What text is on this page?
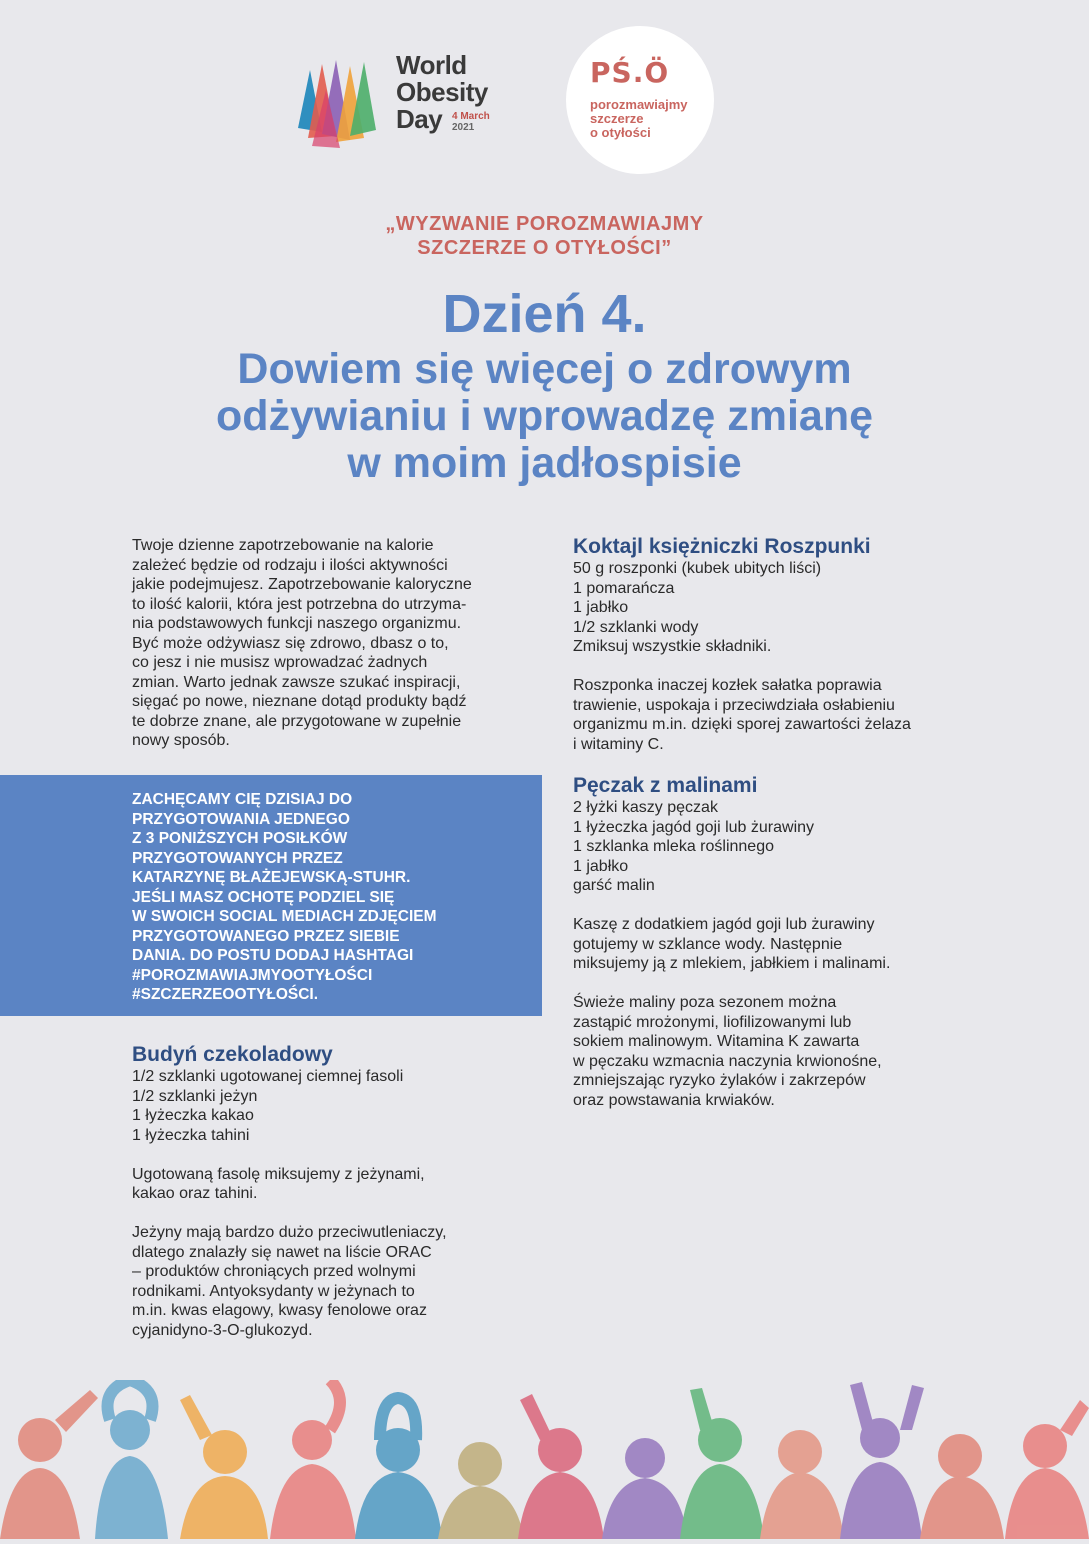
World
Obesity
Day 4 March
2021
PŚ.Ö
porozmawiajmy
szczerze
o otyłości
„WYZWANIE POROZMAWIAJMY
SZCZERZE O OTYŁOŚCI”
Dzień 4.
Dowiem się więcej o zdrowym
odżywianiu i wprowadzę zmianę
w moim jadłospisie
Twoje dzienne zapotrzebowanie na kalorie
zależeć będzie od rodzaju i ilości aktywności
jakie podejmujesz. Zapotrzebowanie kaloryczne
to ilość kalorii, która jest potrzebna do utrzyma-
nia podstawowych funkcji naszego organizmu.
Być może odżywiasz się zdrowo, dbasz o to,
co jesz i nie musisz wprowadzać żadnych
zmian. Warto jednak zawsze szukać inspiracji,
sięgać po nowe, nieznane dotąd produkty bądź
te dobrze znane, ale przygotowane w zupełnie
nowy sposób.
ZACHĘCAMY CIĘ DZISIAJ DO
PRZYGOTOWANIA JEDNEGO
Z 3 PONIŻSZYCH POSIŁKÓW
PRZYGOTOWANYCH PRZEZ
KATARZYNĘ BŁAŻEJEWSKĄ-STUHR.
JEŚLI MASZ OCHOTĘ PODZIEL SIĘ
W SWOICH SOCIAL MEDIACH ZDJĘCIEM
PRZYGOTOWANEGO PRZEZ SIEBIE
DANIA. DO POSTU DODAJ HASHTAGI
#POROZMAWIAJMYOOTYŁOŚCI
#SZCZERZEOOTYŁOŚCI.
Budyń czekoladowy
1/2 szklanki ugotowanej ciemnej fasoli
1/2 szklanki jeżyn
1 łyżeczka kakao
1 łyżeczka tahini
Ugotowaną fasolę miksujemy z jeżynami,
kakao oraz tahini.
Jeżyny mają bardzo dużo przeciwutleniaczy,
dlatego znalazły się nawet na liście ORAC
– produktów chroniących przed wolnymi
rodnikami. Antyoksydanty w jeżynach to
m.in. kwas elagowy, kwasy fenolowe oraz
cyjanidyno-3-O-glukozyd.
Koktajl księżniczki Roszpunki
50 g roszponki (kubek ubitych liści)
1 pomarańcza
1 jabłko
1/2 szklanki wody
Zmiksuj wszystkie składniki.
Roszponka inaczej kozłek sałatka poprawia
trawienie, uspokaja i przeciwdziała osłabieniu
organizmu m.in. dzięki sporej zawartości żelaza
i witaminy C.
Pęczak z malinami
2 łyżki kaszy pęczak
1 łyżeczka jagód goji lub żurawiny
1 szklanka mleka roślinnego
1 jabłko
garść malin
Kaszę z dodatkiem jagód goji lub żurawiny
gotujemy w szklance wody. Następnie
miksujemy ją z mlekiem, jabłkiem i malinami.
Świeże maliny poza sezonem można
zastąpić mrożonymi, liofilizowanymi lub
sokiem malinowym. Witamina K zawarta
w pęczaku wzmacnia naczynia krwionośne,
zmniejszając ryzyko żylaków i zakrzepów
oraz powstawania krwiaków.
